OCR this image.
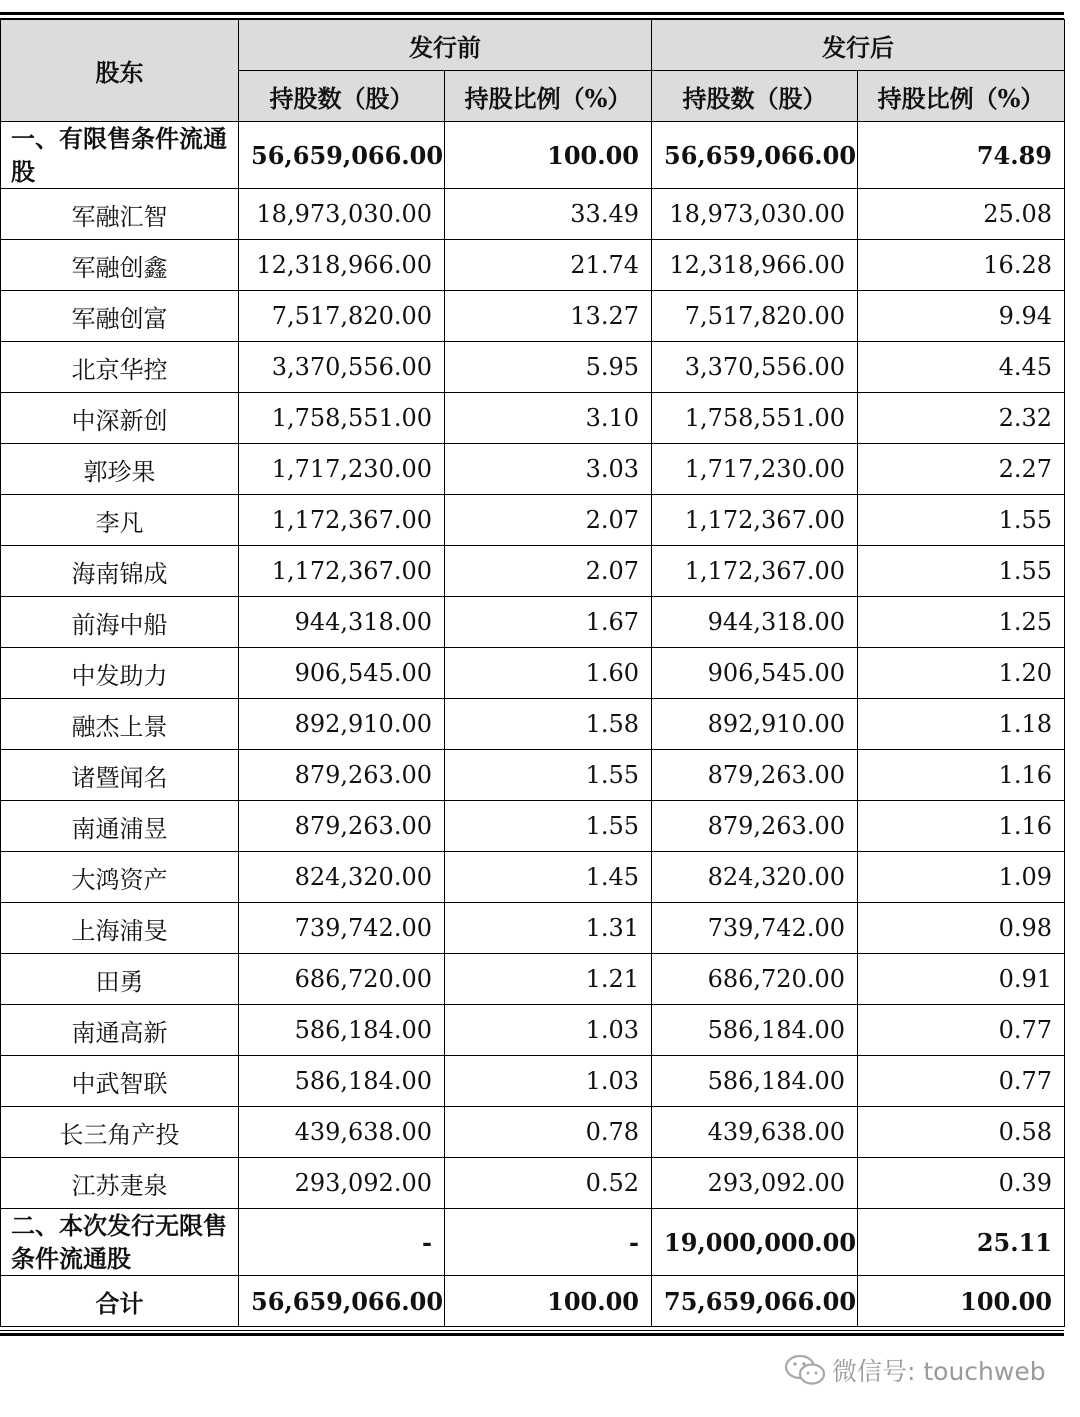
股东	发行前		发行后	
	持股数（股）	持股比例（%）	持股数（股）	持股比例（%）
一、有限售条件流通股	56,659,066.00	100.00	56,659,066.00	74.89
军融汇智	18,973,030.00	33.49	18,973,030.00	25.08
军融创鑫	12,318,966.00	21.74	12,318,966.00	16.28
军融创富	7,517,820.00	13.27	7,517,820.00	9.94
北京华控	3,370,556.00	5.95	3,370,556.00	4.45
中深新创	1,758,551.00	3.10	1,758,551.00	2.32
郭珍果	1,717,230.00	3.03	1,717,230.00	2.27
李凡	1,172,367.00	2.07	1,172,367.00	1.55
海南锦成	1,172,367.00	2.07	1,172,367.00	1.55
前海中船	944,318.00	1.67	944,318.00	1.25
中发助力	906,545.00	1.60	906,545.00	1.20
融杰上景	892,910.00	1.58	892,910.00	1.18
诸暨闻名	879,263.00	1.55	879,263.00	1.16
南通浦昱	879,263.00	1.55	879,263.00	1.16
大鸿资产	824,320.00	1.45	824,320.00	1.09
上海浦旻	739,742.00	1.31	739,742.00	0.98
田勇	686,720.00	1.21	686,720.00	0.91
南通高新	586,184.00	1.03	586,184.00	0.77
中武智联	586,184.00	1.03	586,184.00	0.77
长三角产投	439,638.00	0.78	439,638.00	0.58
江苏疌泉	293,092.00	0.52	293,092.00	0.39
二、本次发行无限售条件流通股	-	-	19,000,000.00	25.11
合计	56,659,066.00	100.00	75,659,066.00	100.00
微信号: touchweb
